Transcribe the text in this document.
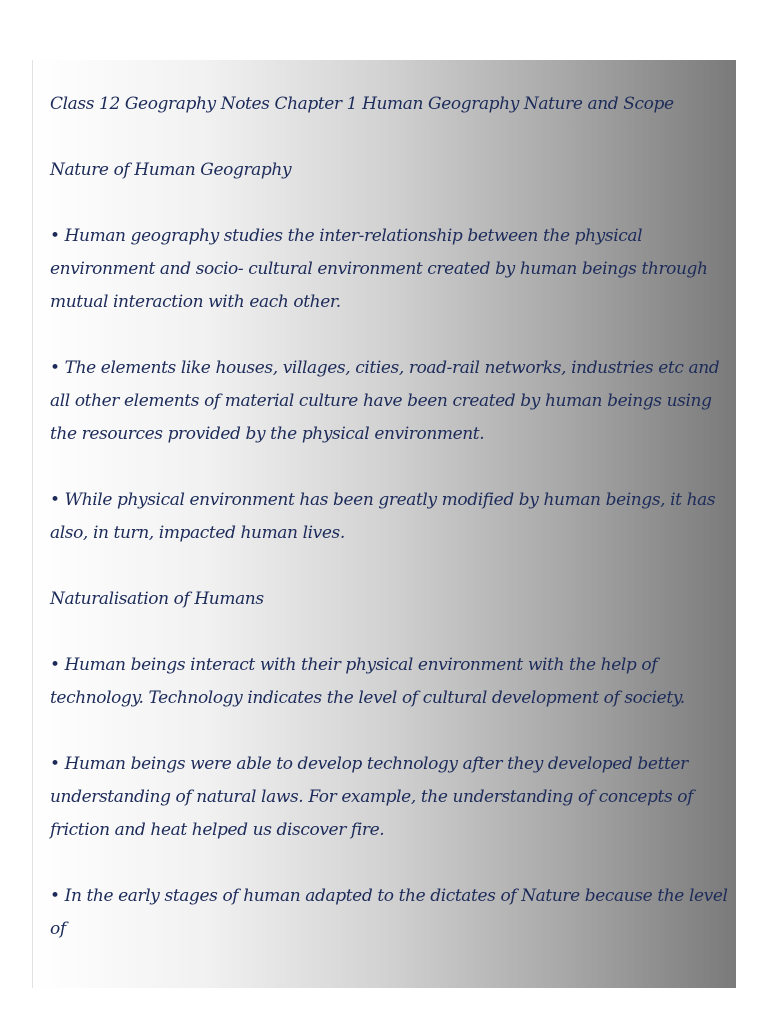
Class 12 Geography Notes Chapter 1 Human Geography Nature and Scope

Nature of Human Geography

• Human geography studies the inter-relationship between the physical environment and socio- cultural environment created by human beings through mutual interaction with each other.

• The elements like houses, villages, cities, road-rail networks, industries etc and all other elements of material culture have been created by human beings using the resources provided by the physical environment.

• While physical environment has been greatly modified by human beings, it has also, in turn, impacted human lives.

Naturalisation of Humans

• Human beings interact with their physical environment with the help of technology. Technology indicates the level of cultural development of society.

• Human beings were able to develop technology after they developed better understanding of natural laws. For example, the understanding of concepts of friction and heat helped us discover fire.

• In the early stages of human adapted to the dictates of Nature because the level of
